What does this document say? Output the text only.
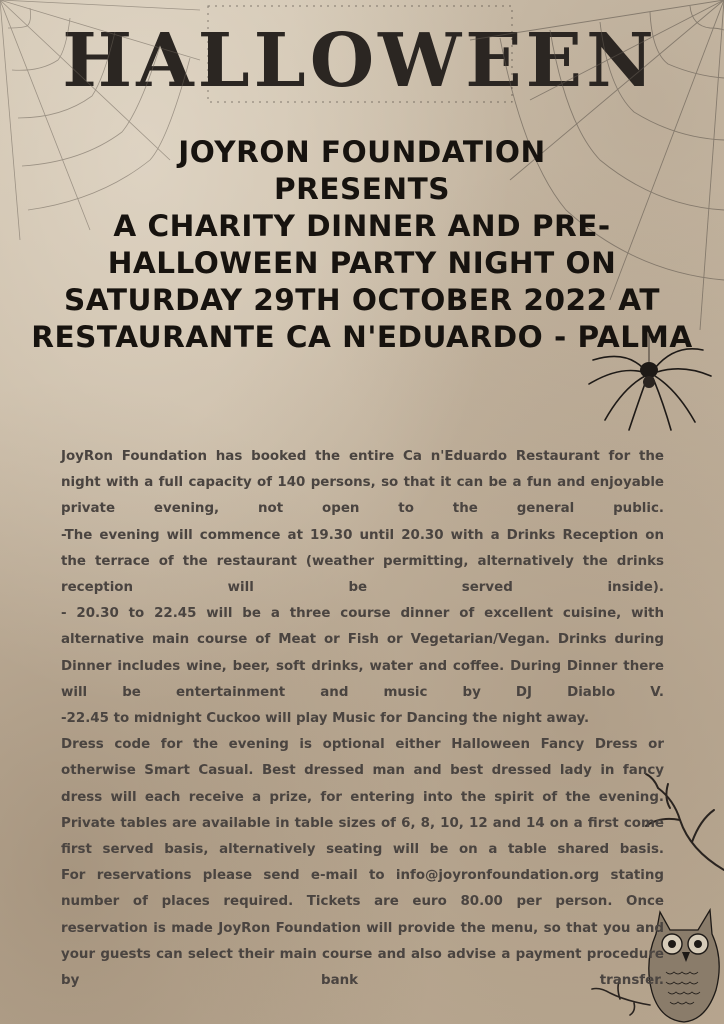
HALLOWEEN
JOYRON FOUNDATION
PRESENTS
A CHARITY DINNER AND PRE-
HALLOWEEN PARTY NIGHT ON
SATURDAY 29TH OCTOBER 2022 AT
RESTAURANTE CA N'EDUARDO - PALMA

JoyRon Foundation has booked the entire Ca n'Eduardo Restaurant for the night with a full capacity of 140 persons, so that it can be a fun and enjoyable private evening, not open to the general public.

-The evening will commence at 19.30 until 20.30 with a Drinks Reception on the terrace of the restaurant (weather permitting, alternatively the drinks reception will be served inside).

- 20.30 to 22.45 will be a three course dinner of excellent cuisine, with alternative main course of Meat or Fish or Vegetarian/Vegan. Drinks during Dinner includes wine, beer, soft drinks, water and coffee. During Dinner there will be entertainment and music by DJ Diablo V.

-22.45 to midnight Cuckoo will play Music for Dancing the night away.

Dress code for the evening is optional either Halloween Fancy Dress or otherwise Smart Casual. Best dressed man and best dressed lady in fancy dress will each receive a prize, for entering into the spirit of the evening.

Private tables are available in table sizes of 6, 8, 10, 12 and 14 on a first come first served basis, alternatively seating will be on a table shared basis.

For reservations please send e-mail to info@joyronfoundation.org stating number of places required. Tickets are euro 80.00 per person. Once reservation is made JoyRon Foundation will provide the menu, so that you and your guests can select their main course and also advise a payment procedure by bank transfer.
